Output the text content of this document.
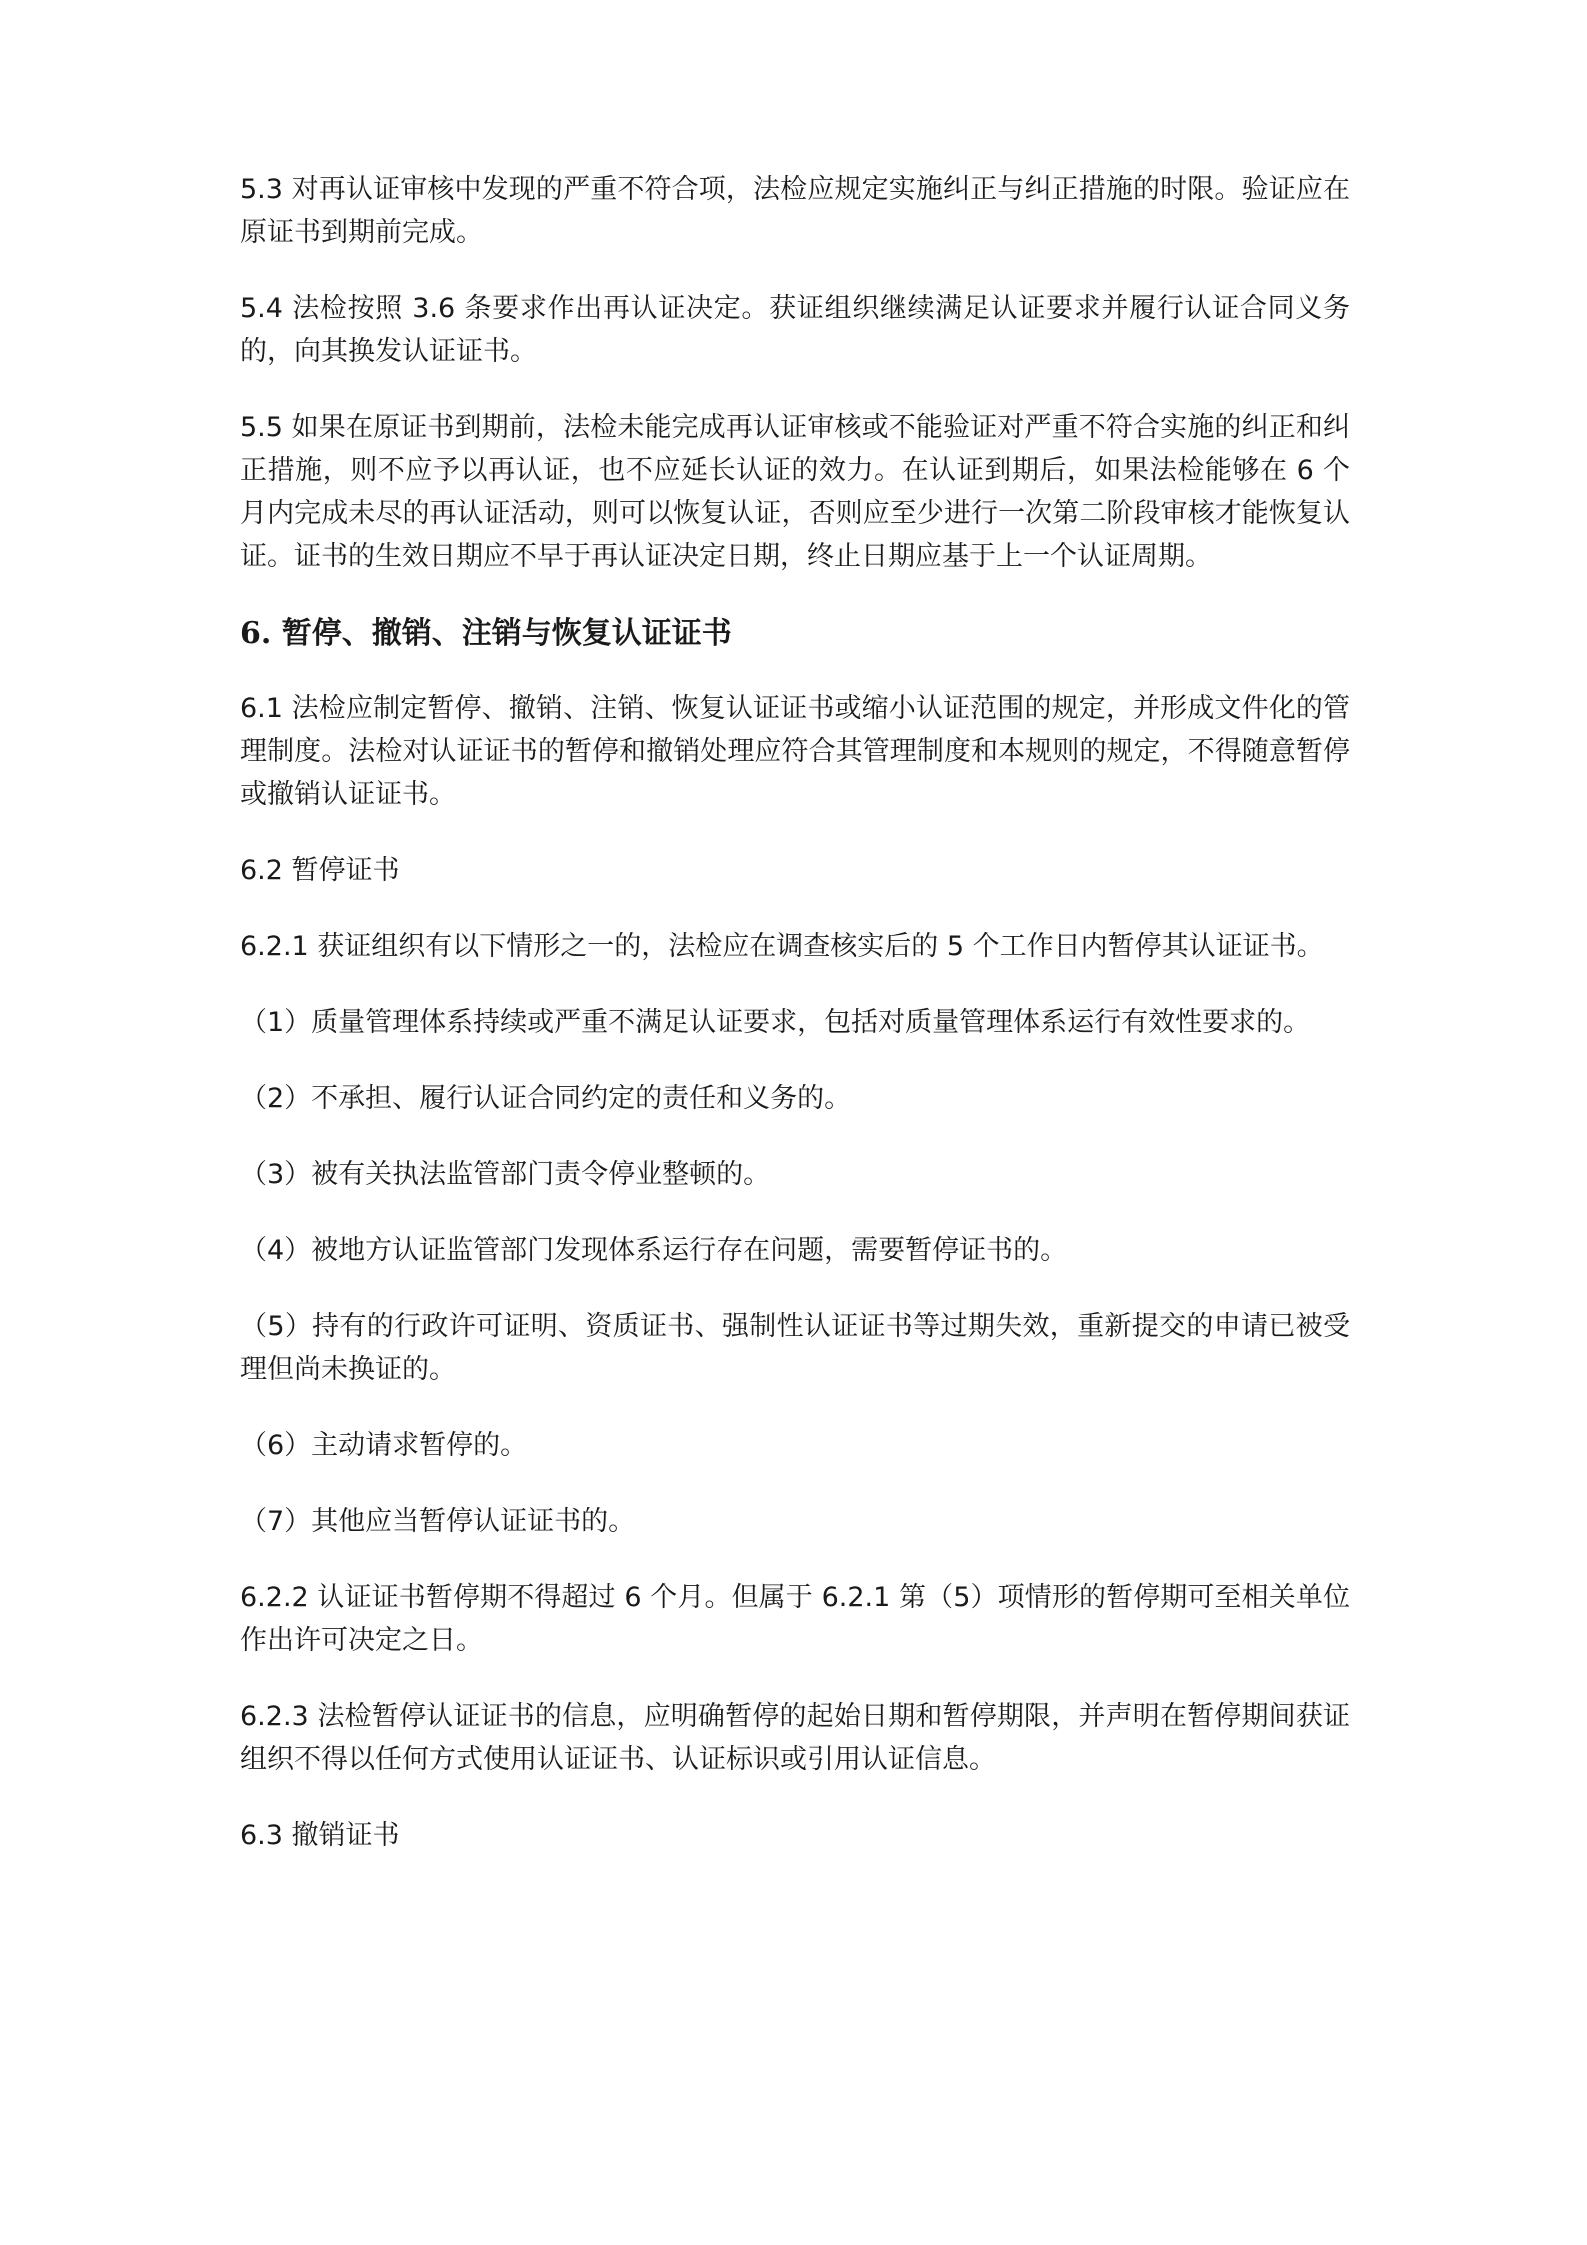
5.3 对再认证审核中发现的严重不符合项，法检应规定实施纠正与纠正措施的时限。验证应在原证书到期前完成。

5.4 法检按照 3.6 条要求作出再认证决定。获证组织继续满足认证要求并履行认证合同义务的，向其换发认证证书。

5.5 如果在原证书到期前，法检未能完成再认证审核或不能验证对严重不符合实施的纠正和纠正措施，则不应予以再认证，也不应延长认证的效力。在认证到期后，如果法检能够在 6 个月内完成未尽的再认证活动，则可以恢复认证，否则应至少进行一次第二阶段审核才能恢复认证。证书的生效日期应不早于再认证决定日期，终止日期应基于上一个认证周期。

6. 暂停、撤销、注销与恢复认证证书

6.1 法检应制定暂停、撤销、注销、恢复认证证书或缩小认证范围的规定，并形成文件化的管理制度。法检对认证证书的暂停和撤销处理应符合其管理制度和本规则的规定，不得随意暂停或撤销认证证书。

6.2 暂停证书

6.2.1 获证组织有以下情形之一的，法检应在调查核实后的 5 个工作日内暂停其认证证书。

（1）质量管理体系持续或严重不满足认证要求，包括对质量管理体系运行有效性要求的。

（2）不承担、履行认证合同约定的责任和义务的。

（3）被有关执法监管部门责令停业整顿的。

（4）被地方认证监管部门发现体系运行存在问题，需要暂停证书的。

（5）持有的行政许可证明、资质证书、强制性认证证书等过期失效，重新提交的申请已被受理但尚未换证的。

（6）主动请求暂停的。

（7）其他应当暂停认证证书的。

6.2.2 认证证书暂停期不得超过 6 个月。但属于 6.2.1 第（5）项情形的暂停期可至相关单位作出许可决定之日。

6.2.3 法检暂停认证证书的信息，应明确暂停的起始日期和暂停期限，并声明在暂停期间获证组织不得以任何方式使用认证证书、认证标识或引用认证信息。

6.3 撤销证书
